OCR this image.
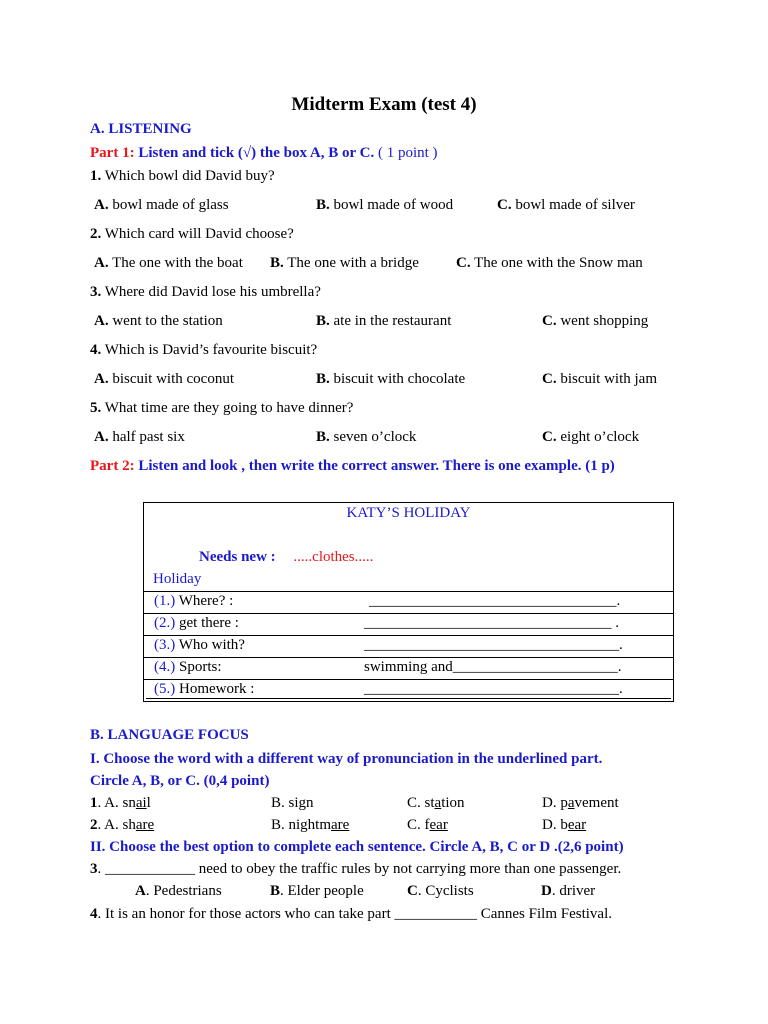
Midterm Exam (test 4)
A. LISTENING
Part 1: Listen and tick (√) the box A, B or C. ( 1 point )
1. Which bowl did David buy?
A. bowl made of glass	B. bowl made of wood	C. bowl made of silver
2. Which card will David choose?
A. The one with the boat B. The one with a bridge C. The one with the Snow man
3. Where did David lose his umbrella?
A. went to the station	B. ate in the restaurant	C. went shopping
4. Which is David’s favourite biscuit?
A. biscuit with coconut	B. biscuit with chocolate	C. biscuit with jam
5. What time are they going to have dinner?
A. half past six	B. seven o’clock	C. eight o’clock
Part 2: Listen and look , then write the correct answer. There is one example. (1 p)
KATY’S HOLIDAY
Needs new : .....clothes.....
Holiday
(1.) Where? :	_________________________________.
(2.) get there :	_________________________________ .
(3.) Who with?	__________________________________.
(4.) Sports:	swimming and______________________.
(5.) Homework :	__________________________________.
B. LANGUAGE FOCUS
I. Choose the word with a different way of pronunciation in the underlined part.
Circle A, B, or C. (0,4 point)
1. A. snail	B. sign	C. station	D. pavement
2. A. share	B. nightmare	C. fear	D. bear
II. Choose the best option to complete each sentence. Circle A, B, C or D .(2,6 point)
3. ____________ need to obey the traffic rules by not carrying more than one passenger.
A. Pedestrians	B. Elder people	C. Cyclists	D. driver
4. It is an honor for those actors who can take part ___________ Cannes Film Festival.
